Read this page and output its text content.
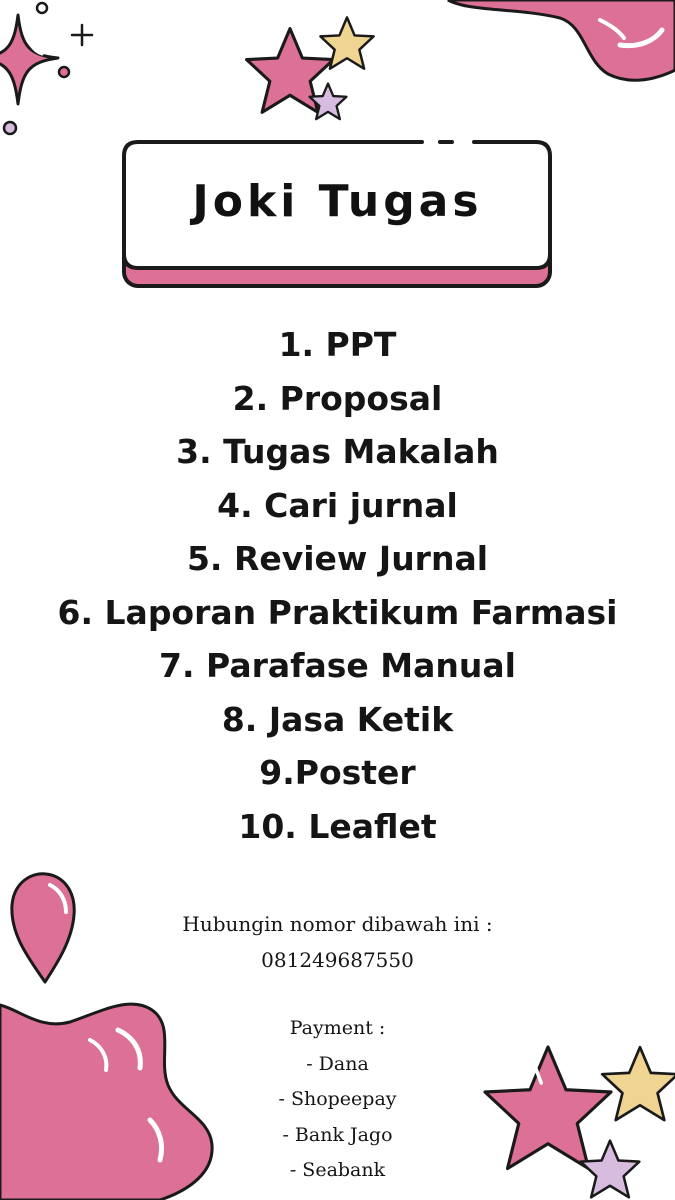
Joki Tugas
1. PPT
2. Proposal
3. Tugas Makalah
4. Cari jurnal
5. Review Jurnal
6. Laporan Praktikum Farmasi
7. Parafase Manual
8. Jasa Ketik
9.Poster
10. Leaflet
Hubungin nomor dibawah ini :
081249687550
Payment :
- Dana
- Shopeepay
- Bank Jago
- Seabank
